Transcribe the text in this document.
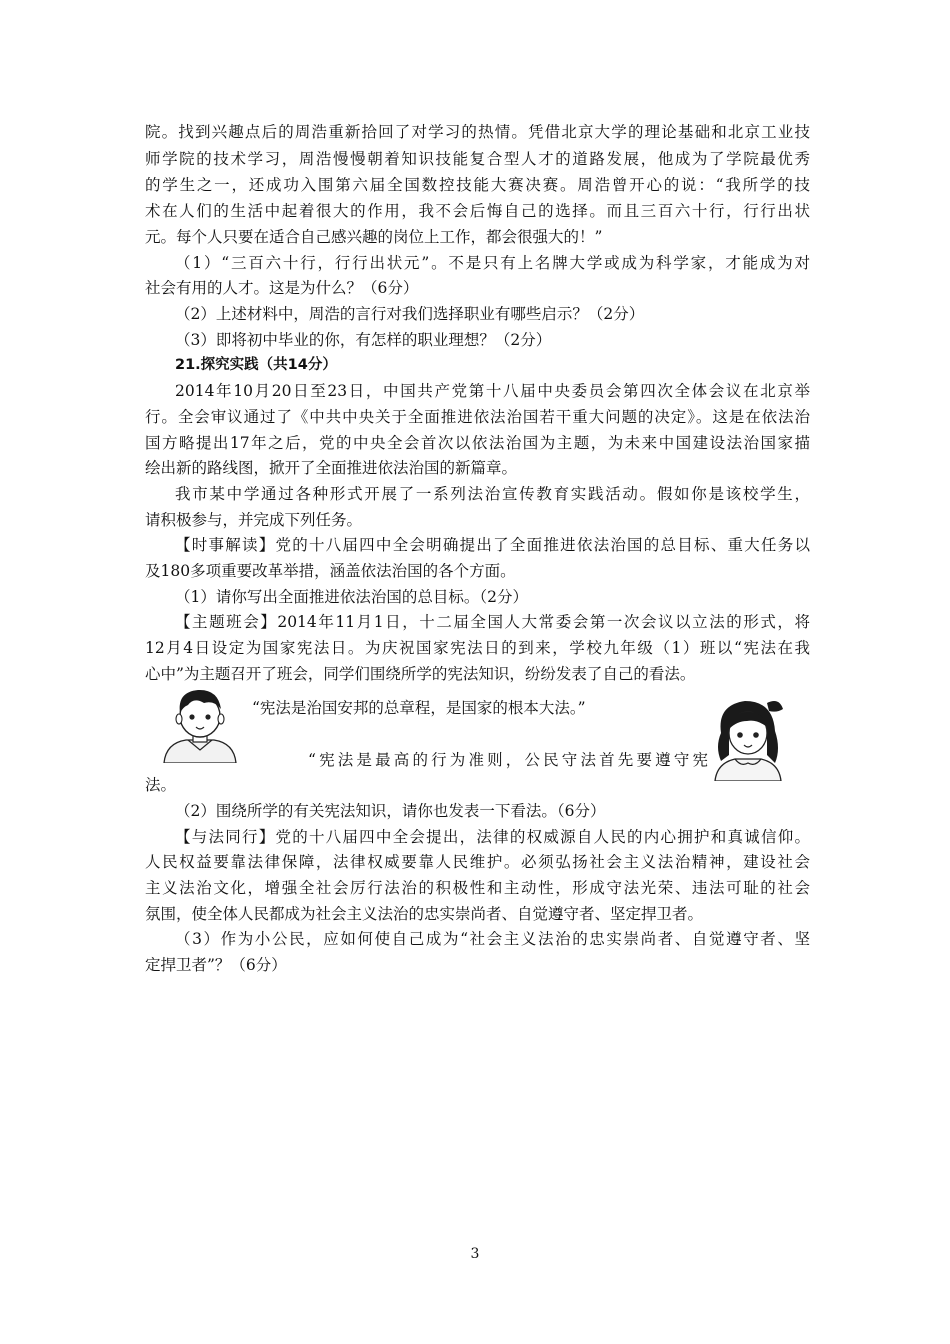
院。找到兴趣点后的周浩重新拾回了对学习的热情。凭借北京大学的理论基础和北京工业技
师学院的技术学习，周浩慢慢朝着知识技能复合型人才的道路发展，他成为了学院最优秀
的学生之一，还成功入围第六届全国数控技能大赛决赛。周浩曾开心的说：“我所学的技
术在人们的生活中起着很大的作用，我不会后悔自己的选择。而且三百六十行，行行出状
元。每个人只要在适合自己感兴趣的岗位上工作，都会很强大的！”
（1）“三百六十行，行行出状元”。不是只有上名牌大学或成为科学家，才能成为对
社会有用的人才。这是为什么？（6分）
（2）上述材料中，周浩的言行对我们选择职业有哪些启示？（2分）
（3）即将初中毕业的你，有怎样的职业理想？（2分）
21.探究实践（共14分）
2014年10月20日至23日，中国共产党第十八届中央委员会第四次全体会议在北京举
行。全会审议通过了《中共中央关于全面推进依法治国若干重大问题的决定》。这是在依法治
国方略提出17年之后，党的中央全会首次以依法治国为主题，为未来中国建设法治国家描
绘出新的路线图，掀开了全面推进依法治国的新篇章。
我市某中学通过各种形式开展了一系列法治宣传教育实践活动。假如你是该校学生，
请积极参与，并完成下列任务。
【时事解读】党的十八届四中全会明确提出了全面推进依法治国的总目标、重大任务以
及180多项重要改革举措，涵盖依法治国的各个方面。
（1）请你写出全面推进依法治国的总目标。（2分）
【主题班会】2014年11月1日，十二届全国人大常委会第一次会议以立法的形式，将
12月4日设定为国家宪法日。为庆祝国家宪法日的到来，学校九年级（1）班以“宪法在我
心中”为主题召开了班会，同学们围绕所学的宪法知识，纷纷发表了自己的看法。
“宪法是治国安邦的总章程，是国家的根本大法。”
“宪法是最高的行为准则，公民守法首先要遵守宪
法。
（2）围绕所学的有关宪法知识，请你也发表一下看法。（6分）
【与法同行】党的十八届四中全会提出，法律的权威源自人民的内心拥护和真诚信仰。
人民权益要靠法律保障，法律权威要靠人民维护。必须弘扬社会主义法治精神，建设社会
主义法治文化，增强全社会厉行法治的积极性和主动性，形成守法光荣、违法可耻的社会
氛围，使全体人民都成为社会主义法治的忠实崇尚者、自觉遵守者、坚定捍卫者。
（3）作为小公民，应如何使自己成为“社会主义法治的忠实崇尚者、自觉遵守者、坚
定捍卫者”？（6分）
3
